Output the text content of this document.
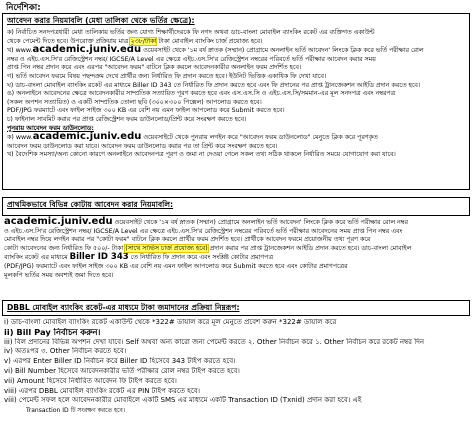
নির্দেশিকা:
আবেদন করার নিয়মাবলি (মেধা তালিকা থেকে ভর্তির ক্ষেত্রে):

ক) নির্বাচিত সনদপত্রধারী মেধা তালিকায় ভর্তির জন্য যোগ্য শিক্ষার্থীদেরকে ফি নগদ অথবা ডাচ-বাংলা মোবাইল ব্যাংকিং রকেট এর ব্যক্তিগত একাউন্ট

থেকে পেমেন্ট দিতে হবে। উপরোক্ত প্রক্রিয়ায় মাত্র ২৩৮/টাকা টাকা মোবাইল ব্যাংকিং চার্জ প্রযোজ্য হবে।

খ) www.academic.juniv.edu ওয়েবসাইট থেকে '১ম বর্ষ স্নাতক (সম্মান) প্রোগ্রামে অনলাইন ভর্তি আবেদন' লিংকে ক্লিক করে ভর্তি পরীক্ষার রোল

নম্বর ও এইচ.এস.সি'র রেজিস্ট্রেশন নম্বর/ IGCSE/A Level এর ক্ষেত্রে এইচ.এস.সি'র রেজিস্ট্রেশন নম্বরের পরিবর্তে ভর্তি পরীক্ষার আবেদন করার সময়

প্রাপ্ত পিন নম্বর প্রদান করে এবং এরপর "আবেদন ফরম" বাটনে ক্লিক করলে আবেদনকারীর অনলাইন ফরম প্রদর্শিত হবে।

গ) ভর্তি আবেদন ফরমে বিষয় পছন্দক্রম দেখে প্রার্থীর জন্য নির্ধারিত ফি প্রদান করতে হবে। ইউনিট ভিত্তিক একাধিক ফি দেখা যাবে।

ঘ) ডাচ-বাংলা মোবাইল ব্যাংকিং রকেট এর মাধ্যমে Biller ID 343 তে নির্ধারিত ফি প্রদান করতে হবে এবং ফি প্রদানের পর প্রাপ্ত ট্রানজেকশন আইডি প্রদান করতে হবে।

ঙ) অনলাইনে আবেদনের ক্ষেত্রে আবেদনকারীর সাম্প্রতিক সত্যায়িত পূরণ করতে হবে এবং এস.এস.সি ও এইচ.এস.সি/সমমান-এর মূল সনদপত্র এবং নম্বরপত্র

(সকল অপশন সত্যায়িত) ও একটি সাম্প্রতিক তোলা ছবি (৩০০×৩০০ পিক্সেল) আপলোড করতে হবে।

PDF/JPG ফরম্যাটে এবং ফাইল সাইজ ৩০০ KB এর বেশি নয় এমন ফাইল আপলোড করে Submit করতে হবে।

চ) ফাইনাল সাবমিট করার পর প্রাপ্ত রেজিস্ট্রেশন ফরম ডাউনলোড/প্রিন্ট করে সংরক্ষণ করতে হবে।

পুনরায় আবেদন ফরম ডাউনলোড:

ক) www.academic.juniv.edu ওয়েবসাইটে থেকে পুনরায় লগইন করে "আবেদন ফরম ডাউনলোড" মেনুতে ক্লিক করে পূরণকৃত

আবেদন ফরম ডাউনলোড করা যাবে। আবেদন ফরম ডাউনলোড করার পর তা প্রিন্ট করে সংরক্ষণ করতে হবে।

খ) বৈদেশিক সমস্যা/অন্য কোনো কারণে অনলাইনে আবেদনপত্র পূরণ ও জমা না দেওয়া গেলে সকল তথ্য সঠিক থাকলে নির্ধারিত সময়ে যোগাযোগ করা যাবে।

প্রাথমিকভাবে বিভিন্ন কোটায় আবেদন করার নিয়মাবলি:
academic.juniv.edu ওয়েবসাইট থেকে '১ম বর্ষ স্নাতক (সম্মান) প্রোগ্রামে অনলাইন ভর্তি আবেদন' লিংকে ক্লিক করে ভর্তি পরীক্ষার রোল নম্বর
ও এইচ.এস.সি'র রেজিস্ট্রেশন নম্বর/ IGCSE/A Level এর ক্ষেত্রে এইচ.এস.সি'র রেজিস্ট্রেশন নম্বরের পরিবর্তে ভর্তি পরীক্ষার আবেদনের সময় প্রাপ্ত পিন নম্বর এবং
মোবাইল নম্বর দিয়ে লগইন করার পর "কোটা ফরম" বাটনে ক্লিক করলে প্রার্থীর ফরম প্রদর্শিত হবে। প্রার্থীকে আবেদন ফরমে প্রয়োজনীয় তথ্য পূরণ করে
কোটা আবেদনের জন্য নির্ধারিত ফি ৫০০/- টাকা (সাথে সার্ভিস চার্জ প্রযোজ্য হবে) প্রদান করার পর প্রাপ্ত ট্রানজেকশন আইডি প্রদান করতে হবে। ডাচ-বাংলা মোবাইল
ব্যাংকিং রকেট এর মাধ্যমে Biller ID 343 তে নির্ধারিত ফি প্রদান করে এবং সংশ্লিষ্ট কোটার প্রমাণপত্র
(PDF/JPG) ফরম্যাটে এবং ফাইল সাইজ ৩০০ KB এর বেশি নয় এমন ফাইল আপলোড করে Submit করতে হবে এবং কোটার প্রমাণপত্রের
মূলকপি ভর্তির সময় অবশ্যই জমা দিতে হবে।
DBBL মোবাইল ব্যাংকিং রকেট-এর মাধ্যমে টাকা জমাদানের প্রক্রিয়া নিম্নরূপ:
i) ডাচ-বাংলা মোবাইল ব্যাংকিং রকেট একাউন্ট থেকে *322# ডায়াল করে মূল মেনুতে প্রবেশ করুন *322# ডায়াল করে
ii) Bill Pay নির্বাচন করুন।
iii) বিল প্রদানের বিভিন্ন অপশন দেখা যাবে। Self অথবা অন্য কারো জন্য পেমেন্ট করতে ২. Other নির্বাচন করে ১. Other নির্বাচন করে রকেট নম্বর দিন
iv) অতঃপর ৩. Other নির্বাচন করতে হবে।
v) এরপর Enter Biller ID নির্বাচন করে Biller ID হিসেবে 343 টাইপ করতে হবে।
vi) Bill Number হিসেবে আবেদনকারীর ভর্তি পরীক্ষার রোল নম্বর টাইপ করতে হবে।
vii) Amount হিসেবে নির্ধারিত আবেদন ফি টাইপ করতে হবে।
viii) এরপর DBBL মোবাইল ব্যাংকিং রকেট এর PIN টাইপ করতে হবে।
viii) পেমেন্ট সফল হলে আবেদনকারীর মোবাইলে একটি SMS এর মাধ্যমে একটি Transaction ID (Txnid) প্রদান করা হবে। এই
Transaction ID টি সংরক্ষণ করতে হবে।
